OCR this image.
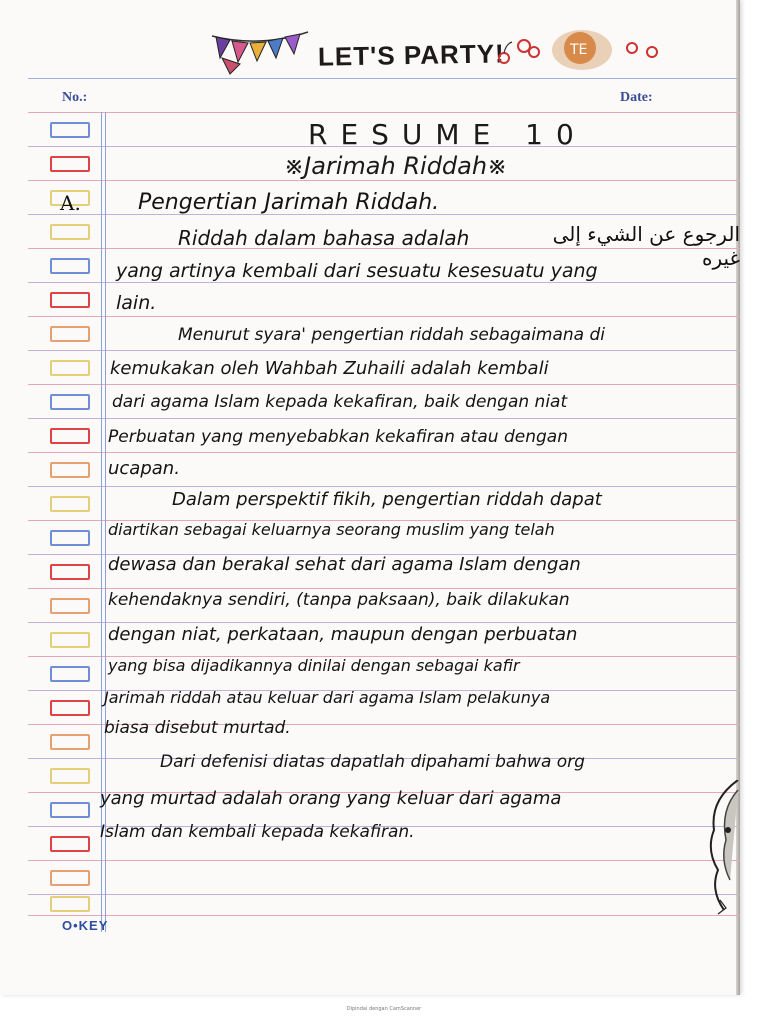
LET'S PARTY!	TE
No.:	Date:
A.
RESUME 10
※Jarimah Riddah※
Pengertian Jarimah Riddah.
Riddah dalam bahasa adalah	الرجوع عن الشيء إلى غيره
yang artinya kembali dari sesuatu kesesuatu yang
lain.
Menurut syara' pengertian riddah sebagaimana di
kemukakan oleh Wahbah Zuhaili adalah kembali
dari agama Islam kepada kekafiran, baik dengan niat
Perbuatan yang menyebabkan kekafiran atau dengan
ucapan.
Dalam perspektif fikih, pengertian riddah dapat
diartikan sebagai keluarnya seorang muslim yang telah
dewasa dan berakal sehat dari agama Islam dengan
kehendaknya sendiri, (tanpa paksaan), baik dilakukan
dengan niat, perkataan, maupun dengan perbuatan
yang bisa dijadikannya dinilai dengan sebagai kafir
Jarimah riddah atau keluar dari agama Islam pelakunya
biasa disebut murtad.
Dari defenisi diatas dapatlah dipahami bahwa org
yang murtad adalah orang yang keluar dari agama
Islam dan kembali kepada kekafiran.
O•KEY
Dipindai dengan CamScanner
